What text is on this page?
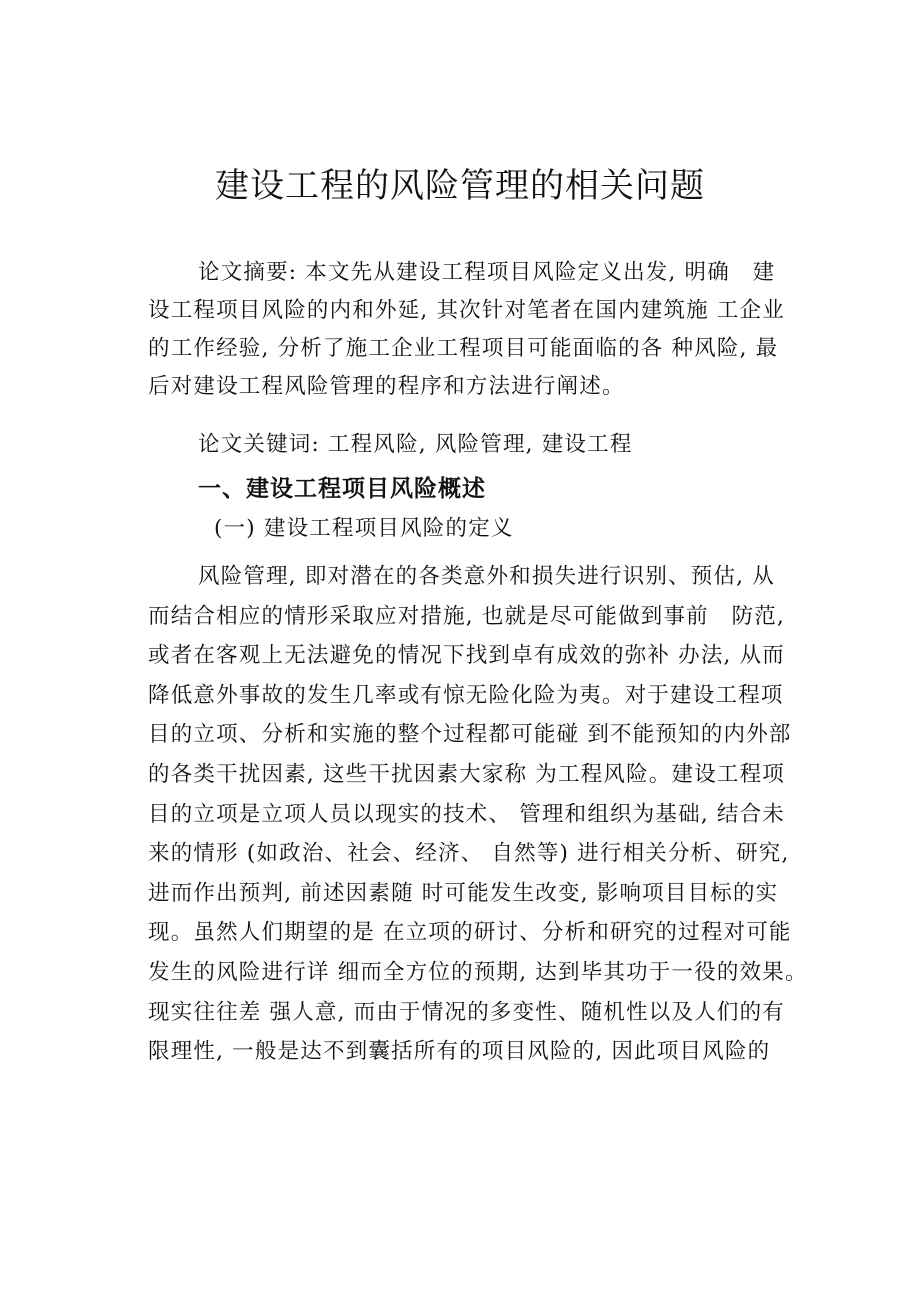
建设工程的风险管理的相关问题
论文摘要: 本文先从建设工程项目风险定义出发, 明确　建
设工程项目风险的内和外延, 其次针对笔者在国内建筑施 工企业
的工作经验, 分析了施工企业工程项目可能面临的各 种风险, 最
后对建设工程风险管理的程序和方法进行阐述。
论文关键词: 工程风险, 风险管理, 建设工程
一、建设工程项目风险概述
(一) 建设工程项目风险的定义
风险管理, 即对潜在的各类意外和损失进行识别、预估, 从
而结合相应的情形采取应对措施, 也就是尽可能做到事前　防范,
或者在客观上无法避免的情况下找到卓有成效的弥补 办法, 从而
降低意外事故的发生几率或有惊无险化险为夷。对于建设工程项
目的立项、分析和实施的整个过程都可能碰 到不能预知的内外部
的各类干扰因素, 这些干扰因素大家称 为工程风险。建设工程项
目的立项是立项人员以现实的技术、 管理和组织为基础, 结合未
来的情形 (如政治、社会、经济、 自然等) 进行相关分析、研究,
进而作出预判, 前述因素随 时可能发生改变, 影响项目目标的实
现。虽然人们期望的是 在立项的研讨、分析和研究的过程对可能
发生的风险进行详 细而全方位的预期, 达到毕其功于一役的效果。
现实往往差 强人意, 而由于情况的多变性、随机性以及人们的有
限理性, 一般是达不到囊括所有的项目风险的, 因此项目风险的
